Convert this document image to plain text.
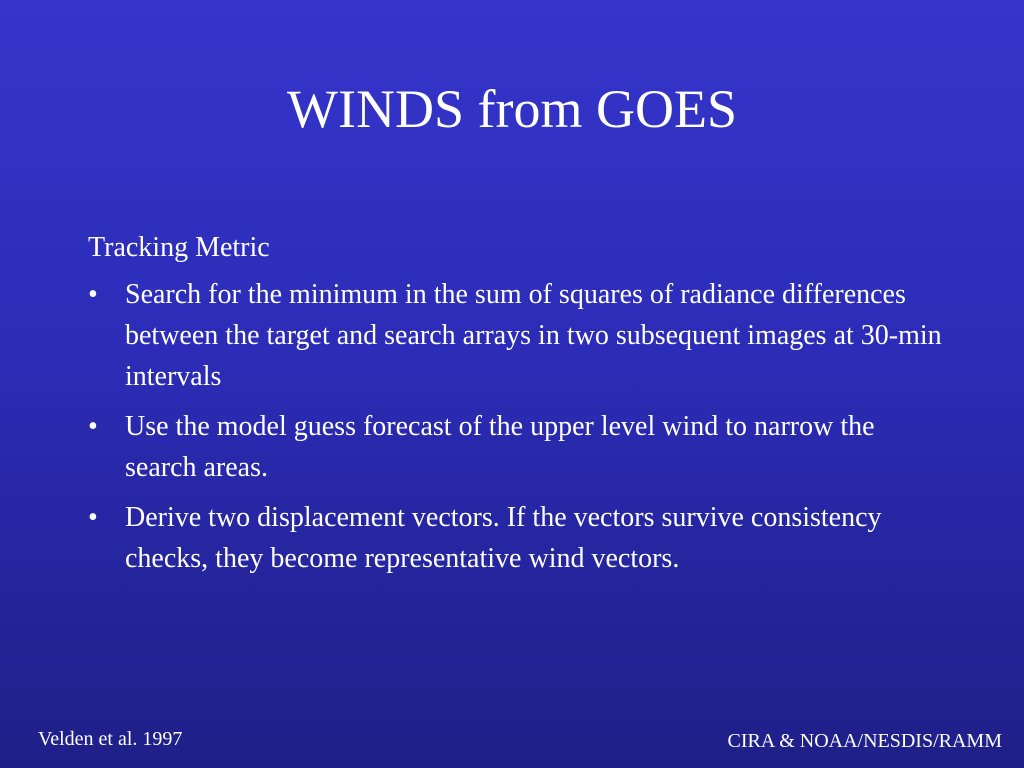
WINDS from GOES

Tracking Metric

• Search for the minimum in the sum of squares of radiance differences between the target and search arrays in two subsequent images at 30-min intervals
• Use the model guess forecast of the upper level wind to narrow the search areas.
• Derive two displacement vectors. If the vectors survive consistency checks, they become representative wind vectors.
Velden et al. 1997	CIRA & NOAA/NESDIS/RAMM
